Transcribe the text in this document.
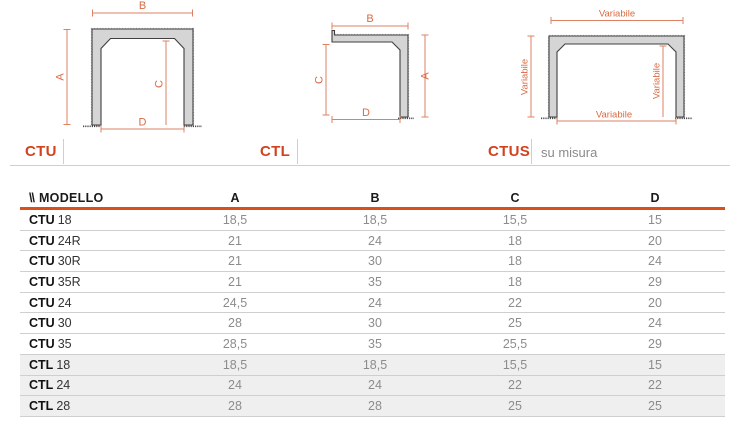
B
A
C
D
B
C
A
D
Variabile
Variabile	Variabile
Variabile
CTU	CTL	CTUS su misura
\\ MODELLO	A	B	C	D
CTU 18	18,5	18,5	15,5	15
CTU 24R	21	24	18	20
CTU 30R	21	30	18	24
CTU 35R	21	35	18	29
CTU 24	24,5	24	22	20
CTU 30	28	30	25	24
CTU 35	28,5	35	25,5	29
CTL 18	18,5	18,5	15,5	15
CTL 24	24	24	22	22
CTL 28	28	28	25	25
